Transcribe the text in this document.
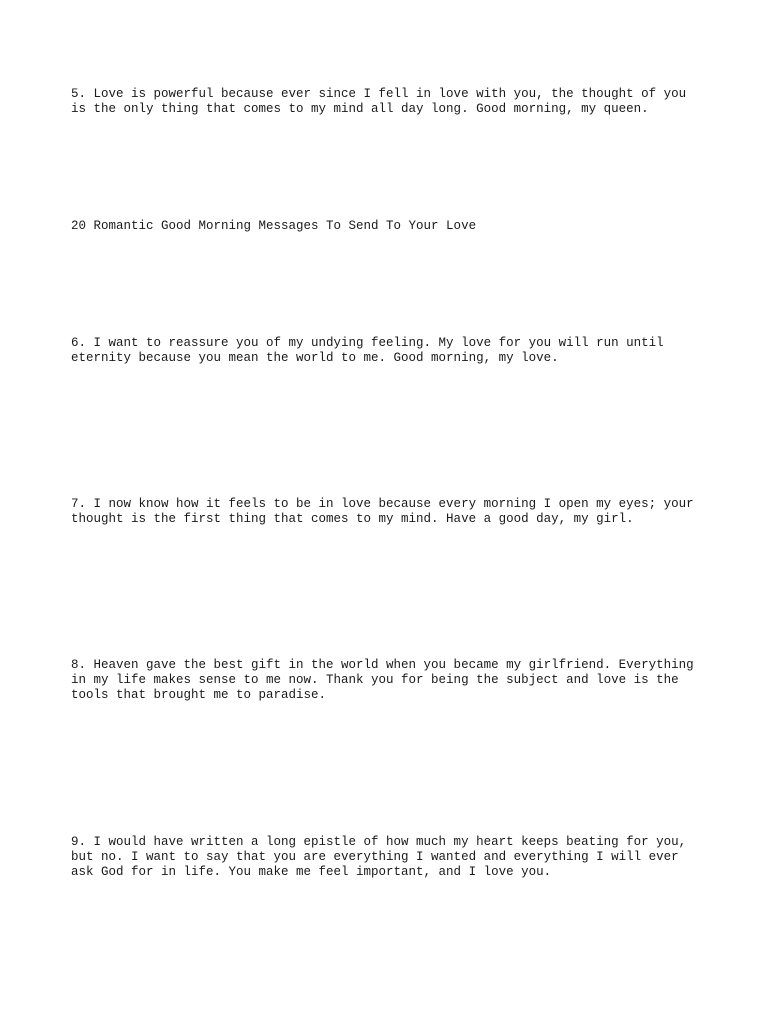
5. Love is powerful because ever since I fell in love with you, the thought of you
is the only thing that comes to my mind all day long. Good morning, my queen.

20 Romantic Good Morning Messages To Send To Your Love

6. I want to reassure you of my undying feeling. My love for you will run until
eternity because you mean the world to me. Good morning, my love.

7. I now know how it feels to be in love because every morning I open my eyes; your
thought is the first thing that comes to my mind. Have a good day, my girl.

8. Heaven gave the best gift in the world when you became my girlfriend. Everything
in my life makes sense to me now. Thank you for being the subject and love is the
tools that brought me to paradise.

9. I would have written a long epistle of how much my heart keeps beating for you,
but no. I want to say that you are everything I wanted and everything I will ever
ask God for in life. You make me feel important, and I love you.
